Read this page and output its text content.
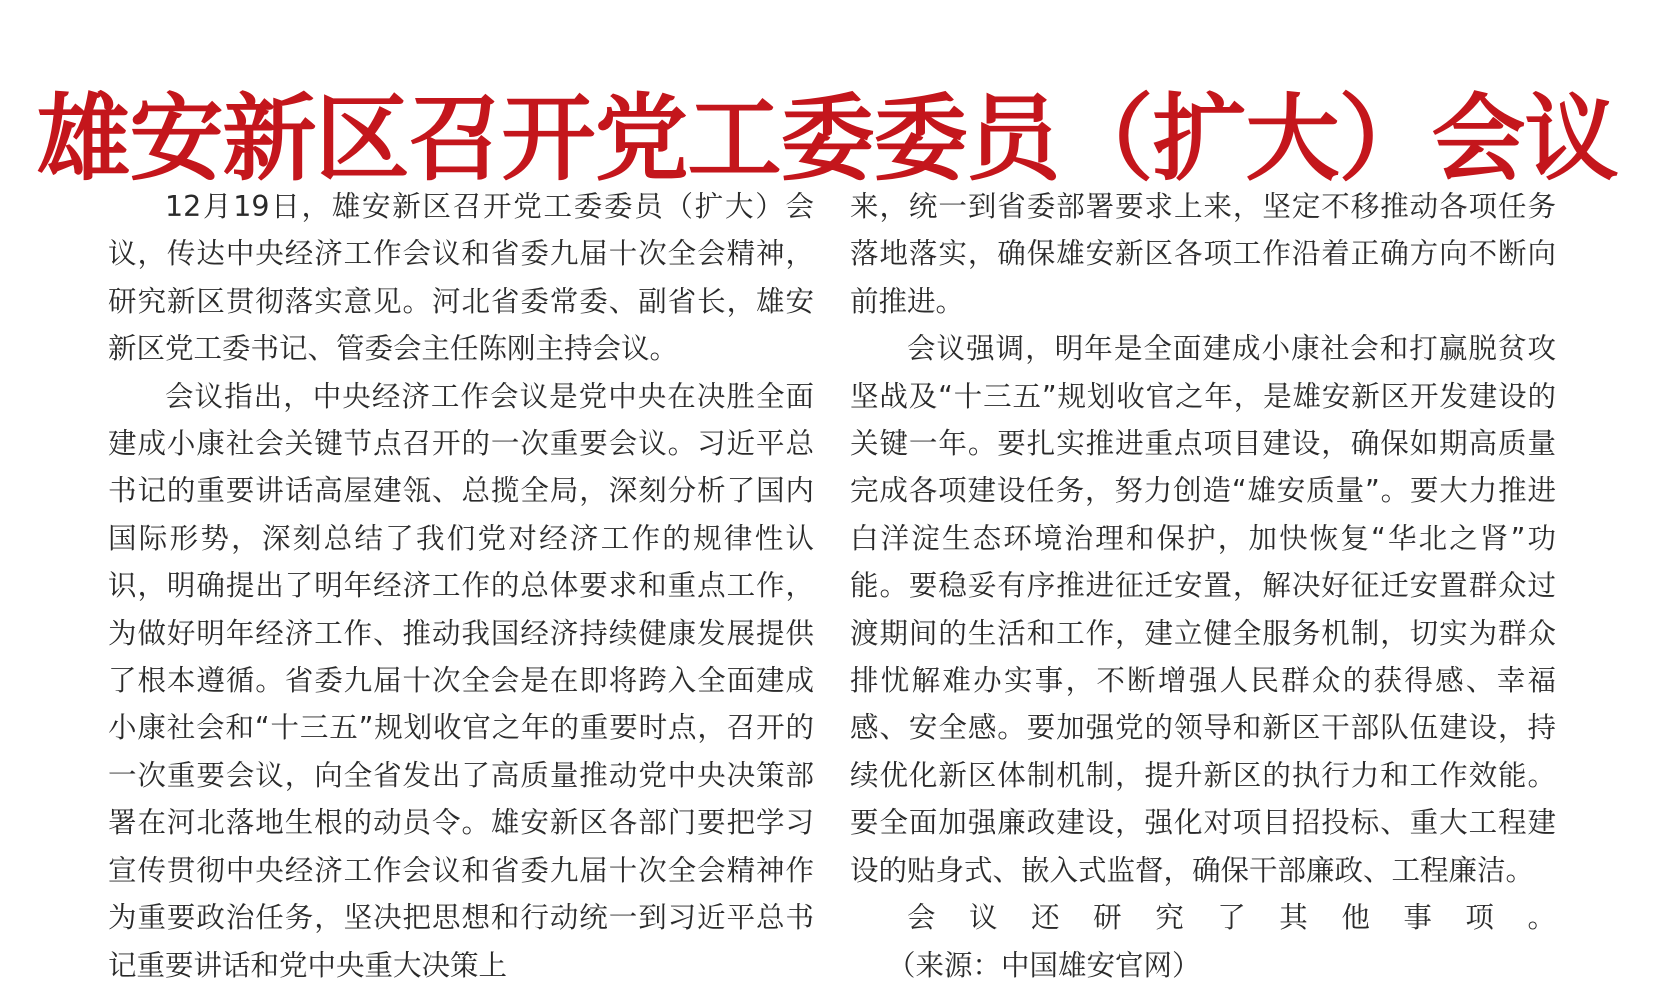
雄安新区召开党工委委员（扩大）会议

12月19日，雄安新区召开党工委委员（扩大）会议，传达中央经济工作会议和省委九届十次全会精神，研究新区贯彻落实意见。河北省委常委、副省长，雄安新区党工委书记、管委会主任陈刚主持会议。

会议指出，中央经济工作会议是党中央在决胜全面建成小康社会关键节点召开的一次重要会议。习近平总书记的重要讲话高屋建瓴、总揽全局，深刻分析了国内国际形势，深刻总结了我们党对经济工作的规律性认识，明确提出了明年经济工作的总体要求和重点工作，为做好明年经济工作、推动我国经济持续健康发展提供了根本遵循。省委九届十次全会是在即将跨入全面建成小康社会和“十三五”规划收官之年的重要时点，召开的一次重要会议，向全省发出了高质量推动党中央决策部署在河北落地生根的动员令。雄安新区各部门要把学习宣传贯彻中央经济工作会议和省委九届十次全会精神作为重要政治任务，坚决把思想和行动统一到习近平总书记重要讲话和党中央重大决策上

来，统一到省委部署要求上来，坚定不移推动各项任务落地落实，确保雄安新区各项工作沿着正确方向不断向前推进。

会议强调，明年是全面建成小康社会和打赢脱贫攻坚战及“十三五”规划收官之年，是雄安新区开发建设的关键一年。要扎实推进重点项目建设，确保如期高质量完成各项建设任务，努力创造“雄安质量”。要大力推进白洋淀生态环境治理和保护，加快恢复“华北之肾”功能。要稳妥有序推进征迁安置，解决好征迁安置群众过渡期间的生活和工作，建立健全服务机制，切实为群众排忧解难办实事，不断增强人民群众的获得感、幸福感、安全感。要加强党的领导和新区干部队伍建设，持续优化新区体制机制，提升新区的执行力和工作效能。要全面加强廉政建设，强化对项目招投标、重大工程建设的贴身式、嵌入式监督，确保干部廉政、工程廉洁。

会议还研究了其他事项。（来源：中国雄安官网）
